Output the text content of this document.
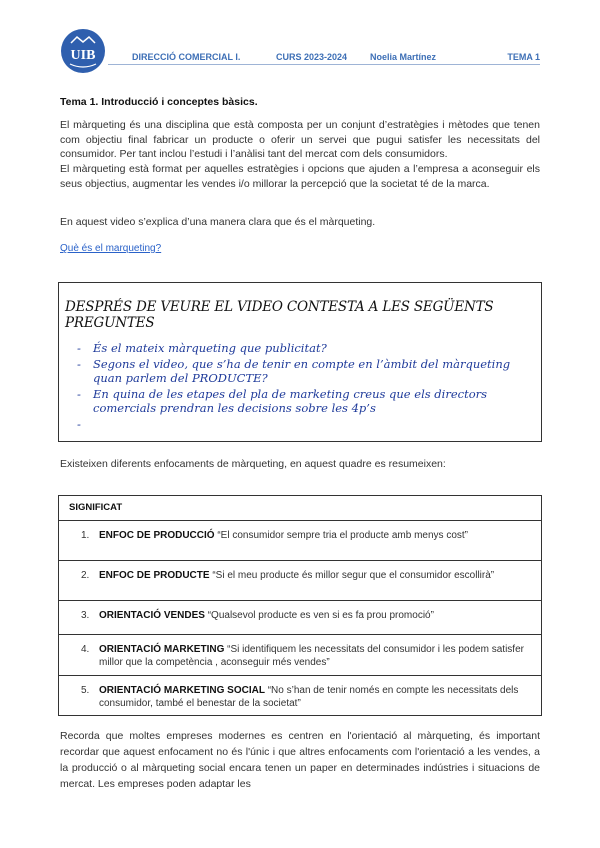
UIB	DIRECCIÓ COMERCIAL I.	CURS 2023-2024	Noelia Martínez	TEMA 1
Tema 1. Introducció i conceptes bàsics.

El màrqueting és una disciplina que està composta per un conjunt d’estratègies i mètodes que tenen com objectiu final fabricar un producte o oferir un servei que pugui satisfer les necessitats del consumidor. Per tant inclou l’estudi i l’anàlisi tant del mercat com dels consumidors.

El màrqueting està format per aquelles estratègies i opcions que ajuden a l’empresa a aconseguir els seus objectius, augmentar les vendes i/o millorar la percepció que la societat té de la marca.

En aquest video s’explica d’una manera clara que és el màrqueting.

Què és el marqueting?
DESPRÉS DE VEURE EL VIDEO CONTESTA A LES SEGÜENTS PREGUNTES
- És el mateix màrqueting que publicitat?
- Segons el video, que s’ha de tenir en compte en l’àmbit del màrqueting quan parlem del PRODUCTE?
- En quina de les etapes del pla de marketing creus que els directors comercials prendran les decisions sobre les 4p’s
-
Existeixen diferents enfocaments de màrqueting, en aquest quadre es resumeixen:
SIGNIFICAT
1. ENFOC DE PRODUCCIÓ “El consumidor sempre tria el producte amb menys cost”
2. ENFOC DE PRODUCTE “Si el meu producte és millor segur que el consumidor escollirà”
3. ORIENTACIÓ VENDES “Qualsevol producte es ven si es fa prou promoció”
4. ORIENTACIÓ MARKETING “Si identifiquem les necessitats del consumidor i les podem satisfer millor que la competència , aconseguir més vendes”
5. ORIENTACIÓ MARKETING SOCIAL “No s’han de tenir només en compte les necessitats dels consumidor, també el benestar de la societat”

Recorda que moltes empreses modernes es centren en l'orientació al màrqueting, és important recordar que aquest enfocament no és l'únic i que altres enfocaments com l'orientació a les vendes, a la producció o al màrqueting social encara tenen un paper en determinades indústries i situacions de mercat. Les empreses poden adaptar les
